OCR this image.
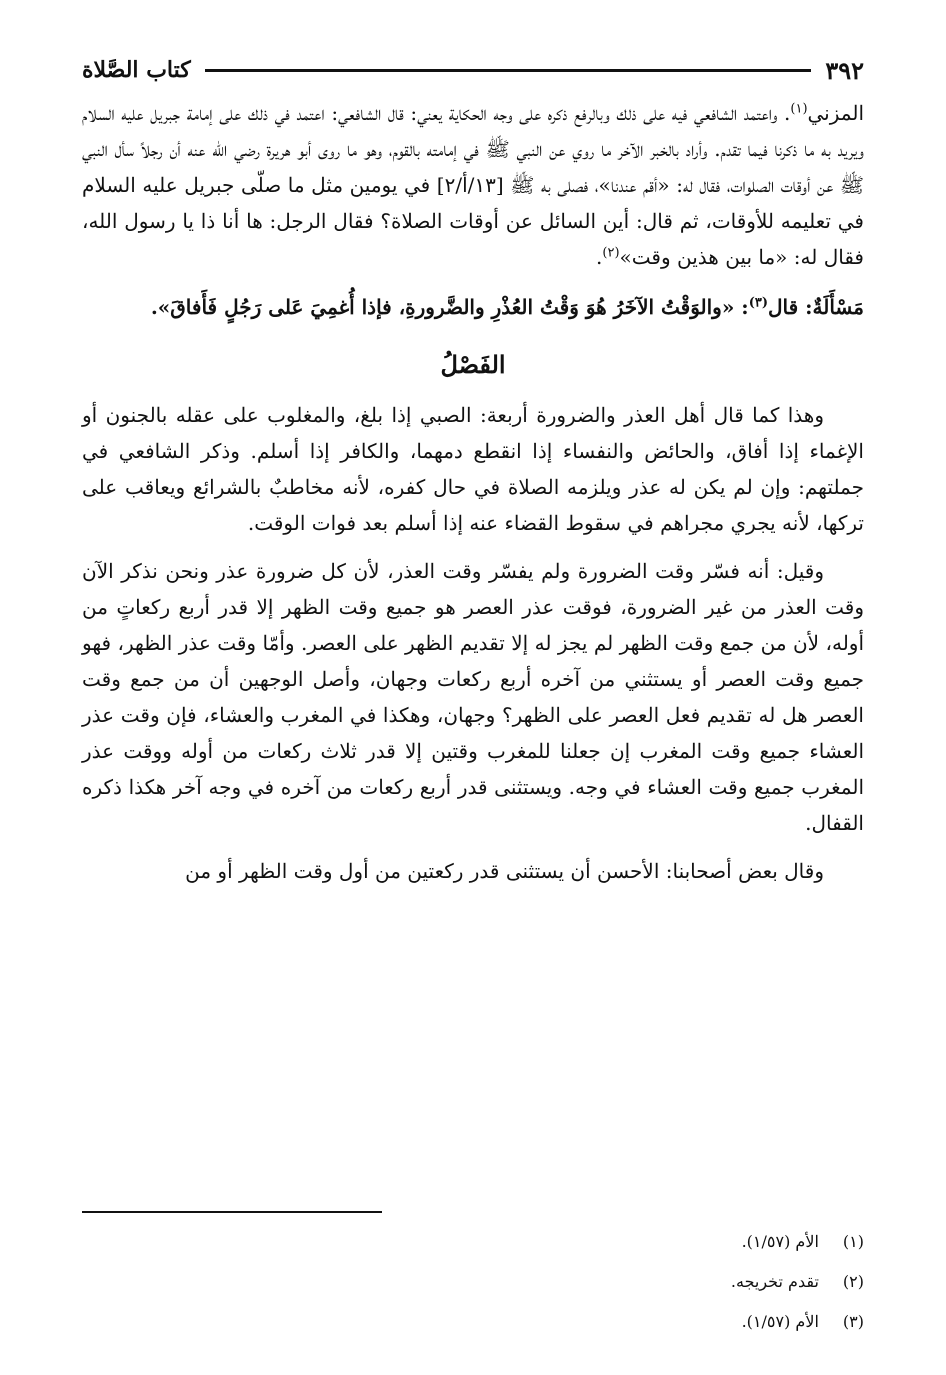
٣٩٢
كتاب الصَّلاة

المزني$^{(١)}$. واعتمد الشافعي فيه على ذلك وبالرفع ذكره على وجه الحكاية يعني: قال الشافعي: اعتمد في ذلك على إمامة جبريل عليه السلام ويريد به ما ذكرنا فيما تقدم. وأراد بالخبر الآخر ما روي عن النبي ﷺ في إمامته بالقوم، وهو ما روى أبو هريرة رضي الله عنه أن رجلاً سأل النبي ﷺ عن أوقات الصلوات، فقال له: «أقم عندنا»، فصلى به ﷺ [١٣/أ/٢] في يومين مثل ما صلّى جبريل عليه السلام في تعليمه للأوقات، ثم قال: أين السائل عن أوقات الصلاة؟ فقال الرجل: ها أنا ذا يا رسول الله، فقال له: «ما بين هذين وقت»$^{(٢)}$.

مَسْأَلَةٌ: قال$^{(٣)}$: «والوَقْتُ الآخَرُ هُوَ وَقْتُ العُذْرِ والضَّرورةِ، فإذا أُغمِيَ عَلى رَجُلٍ فَأَفاقَ».

الفَصْلُ

وهذا كما قال أهل العذر والضرورة أربعة: الصبي إذا بلغ، والمغلوب على عقله بالجنون أو الإغماء إذا أفاق، والحائض والنفساء إذا انقطع دمهما، والكافر إذا أسلم. وذكر الشافعي في جملتهم: وإن لم يكن له عذر ويلزمه الصلاة في حال كفره، لأنه مخاطبٌ بالشرائع ويعاقب على تركها، لأنه يجري مجراهم في سقوط القضاء عنه إذا أسلم بعد فوات الوقت.

وقيل: أنه فسّر وقت الضرورة ولم يفسّر وقت العذر، لأن كل ضرورة عذر ونحن نذكر الآن وقت العذر من غير الضرورة، فوقت عذر العصر هو جميع وقت الظهر إلا قدر أربع ركعاتٍ من أوله، لأن من جمع وقت الظهر لم يجز له إلا تقديم الظهر على العصر. وأمّا وقت عذر الظهر، فهو جميع وقت العصر أو يستثني من آخره أربع ركعات وجهان، وأصل الوجهين أن من جمع وقت العصر هل له تقديم فعل العصر على الظهر؟ وجهان، وهكذا في المغرب والعشاء، فإن وقت عذر العشاء جميع وقت المغرب إن جعلنا للمغرب وقتين إلا قدر ثلاث ركعات من أوله ووقت عذر المغرب جميع وقت العشاء في وجه. ويستثنى قدر أربع ركعات من آخره في وجه آخر هكذا ذكره القفال.

وقال بعض أصحابنا: الأحسن أن يستثنى قدر ركعتين من أول وقت الظهر أو من

(١) الأم (١/٥٧).

(٢) تقدم تخريجه.

(٣) الأم (١/٥٧).
